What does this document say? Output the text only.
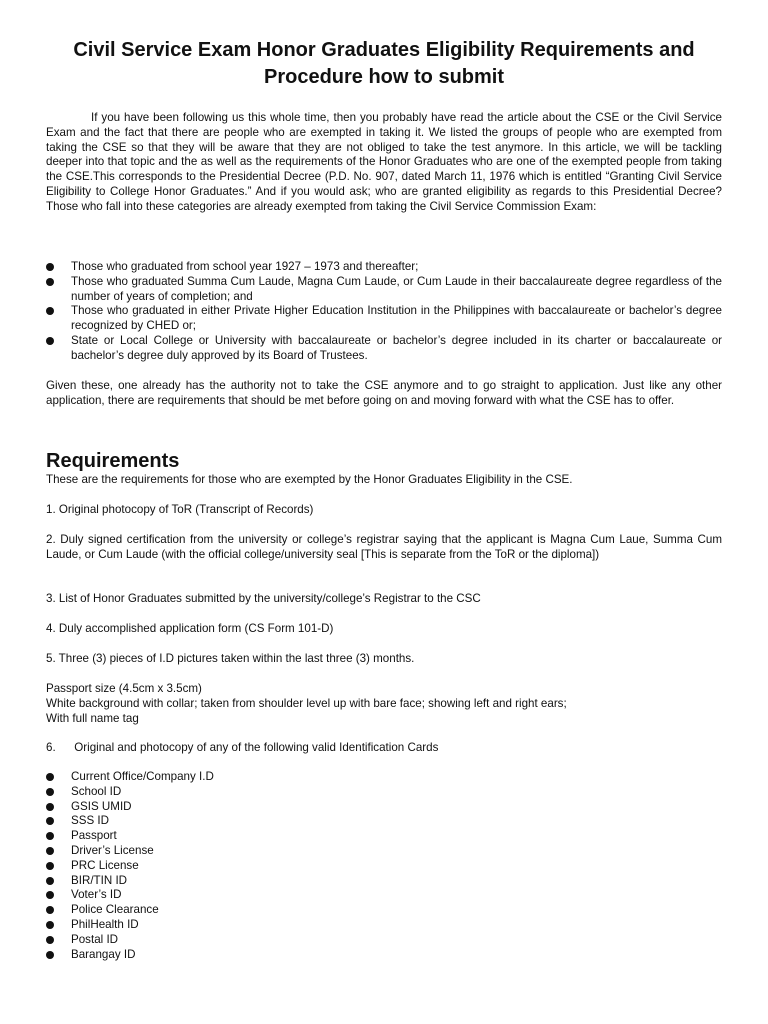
Civil Service Exam Honor Graduates Eligibility Requirements and Procedure how to submit

If you have been following us this whole time, then you probably have read the article about the CSE or the Civil Service Exam and the fact that there are people who are exempted in taking it. We listed the groups of people who are exempted from taking the CSE so that they will be aware that they are not obliged to take the test anymore. In this article, we will be tackling deeper into that topic and the as well as the requirements of the Honor Graduates who are one of the exempted people from taking the CSE.This corresponds to the Presidential Decree (P.D. No. 907, dated March 11, 1976 which is entitled “Granting Civil Service Eligibility to College Honor Graduates.” And if you would ask; who are granted eligibility as regards to this Presidential Decree? Those who fall into these categories are already exempted from taking the Civil Service Commission Exam:

Those who graduated from school year 1927 – 1973 and thereafter;
Those who graduated Summa Cum Laude, Magna Cum Laude, or Cum Laude in their baccalaureate degree regardless of the number of years of completion; and
Those who graduated in either Private Higher Education Institution in the Philippines with baccalaureate or bachelor’s degree recognized by CHED or;
State or Local College or University with baccalaureate or bachelor’s degree included in its charter or baccalaureate or bachelor’s degree duly approved by its Board of Trustees.

Given these, one already has the authority not to take the CSE anymore and to go straight to application. Just like any other application, there are requirements that should be met before going on and moving forward with what the CSE has to offer.

Requirements

These are the requirements for those who are exempted by the Honor Graduates Eligibility in the CSE.

1. Original photocopy of ToR (Transcript of Records)

2. Duly signed certification from the university or college’s registrar saying that the applicant is Magna Cum Laue, Summa Cum Laude, or Cum Laude (with the official college/university seal [This is separate from the ToR or the diploma])

3. List of Honor Graduates submitted by the university/college’s Registrar to the CSC

4. Duly accomplished application form (CS Form 101-D)

5. Three (3) pieces of I.D pictures taken within the last three (3) months.

Passport size (4.5cm x 3.5cm)
White background with collar; taken from shoulder level up with bare face; showing left and right ears;
With full name tag

6. Original and photocopy of any of the following valid Identification Cards

Current Office/Company I.D
School ID
GSIS UMID
SSS ID
Passport
Driver’s License
PRC License
BIR/TIN ID
Voter’s ID
Police Clearance
PhilHealth ID
Postal ID
Barangay ID
